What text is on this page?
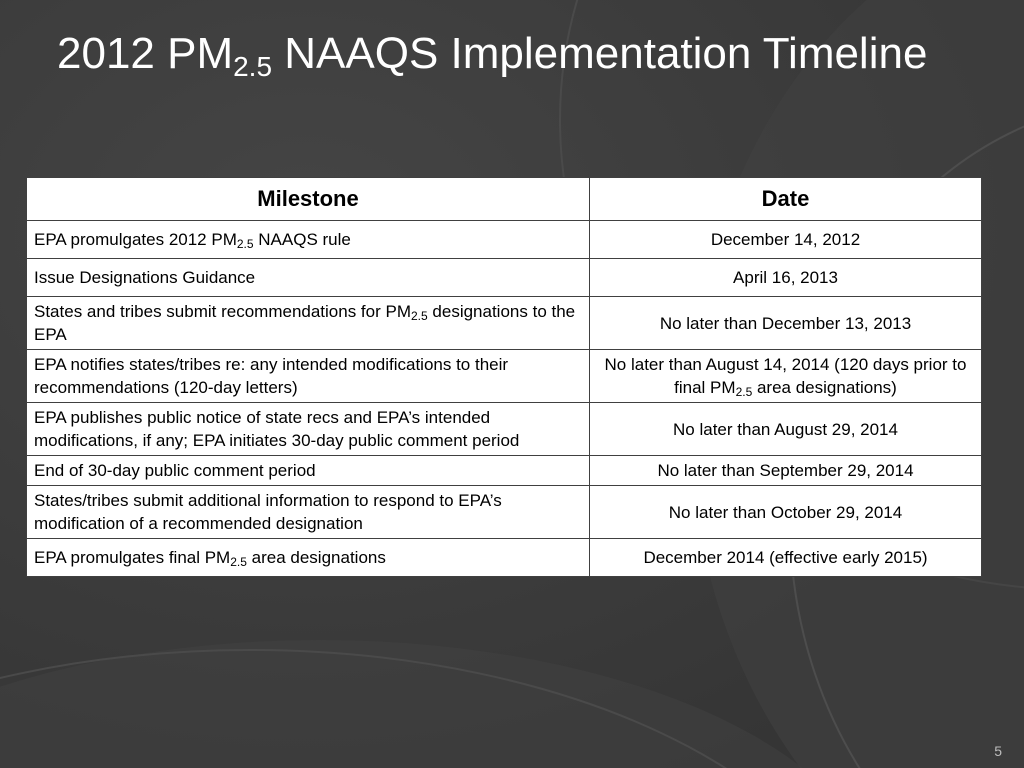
2012 $PM_{2.5}$ NAAQS Implementation Timeline
Milestone	Date
EPA promulgates 2012 $PM_{2.5}$ NAAQS rule	December 14, 2012
Issue Designations Guidance	April 16, 2013
States and tribes submit recommendations for $PM_{2.5}$ designations to the EPA	No later than December 13, 2013
EPA notifies states/tribes re: any intended modifications to their recommendations (120-day letters)	No later than August 14, 2014 (120 days prior to final $PM_{2.5}$ area designations)
EPA publishes public notice of state recs and EPA’s intended modifications, if any; EPA initiates 30-day public comment period	No later than August 29, 2014
End of 30-day public comment period	No later than September 29, 2014
States/tribes submit additional information to respond to EPA’s modification of a recommended designation	No later than October 29, 2014
EPA promulgates final $PM_{2.5}$ area designations	December 2014 (effective early 2015)
5
